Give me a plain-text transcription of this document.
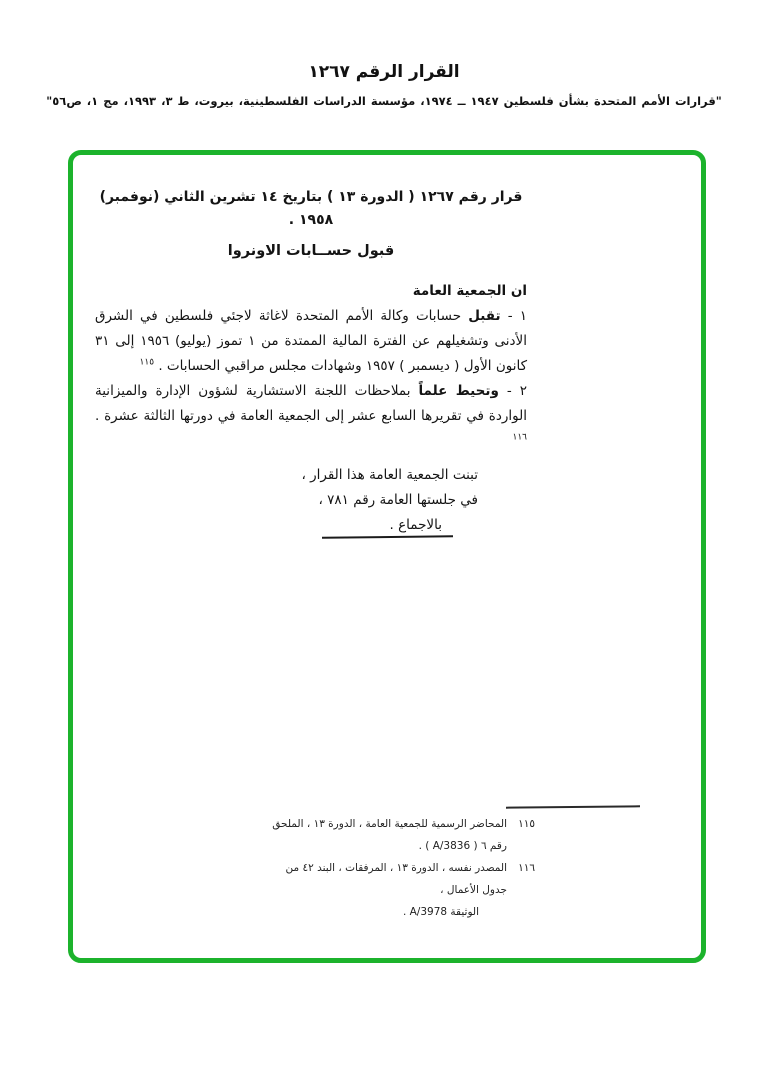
القرار الرقم ١٢٦٧
"قرارات الأمم المتحدة بشأن فلسطين ١٩٤٧ ــ ١٩٧٤، مؤسسة الدراسات الفلسطينية، بيروت، ط ٣، ١٩٩٣، مج ١، ص٥٦"
قرار رقم ١٢٦٧ ( الدورة ١٣ ) بتاريخ ١٤ تشرين الثاني (نوفمبر)
١٩٥٨ .
قبول حســابات الاونروا
ان الجمعية العامة

١ - تقبل حسابات وكالة الأمم المتحدة لاغاثة لاجئي فلسطين في الشرق الأدنى وتشغيلهم عن الفترة المالية الممتدة من ١ تموز (يوليو) ١٩٥٦ إلى ٣١ كانون الأول ( ديسمبر ) ١٩٥٧ وشهادات مجلس مراقبي الحسابات . $^{١١٥}$

٢ - وتحيط علماً بملاحظات اللجنة الاستشارية لشؤون الإدارة والميزانية الواردة في تقريرها السابع عشر إلى الجمعية العامة في دورتها الثالثة عشرة . $^{١١٦}$

تبنت الجمعية العامة هذا القرار ،
في جلستها العامة رقم ٧٨١ ،
بالاجماع .
١١٥
المحاضر الرسمية للجمعية العامة ، الدورة ١٣ ، الملحق رقم ٦ ( A/3836 ) .
١١٦
المصدر نفسه ، الدورة ١٣ ، المرفقات ، البند ٤٢ من جدول الأعمال ،
الوثيقة A/3978 .
